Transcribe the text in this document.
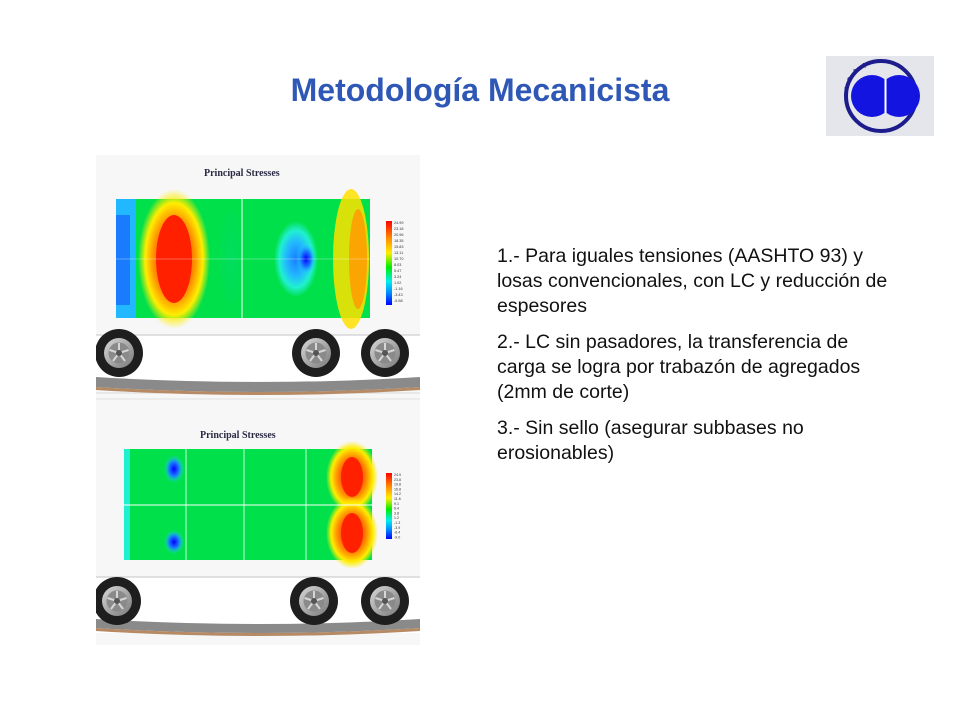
Metodología Mecanicista	I
C
P
A
Principal Stresses
24.99
23.18
20.96
18.35
15.83
13.11
10.70
8.03
5.47
3.24
1.02
-1.16
-3.43
-5.58
Principal Stresses
24.9
23.8
19.8
16.8
14.2
11.6
9.1
6.4
3.8
1.2
-1.3
-3.9
-6.4
-9.0

1.- Para iguales tensiones (AASHTO 93) y losas convencionales, con LC y reducción de espesores

2.- LC sin pasadores, la transferencia de carga se logra por trabazón de agregados (2mm de corte)

3.- Sin sello (asegurar subbases no erosionables)
